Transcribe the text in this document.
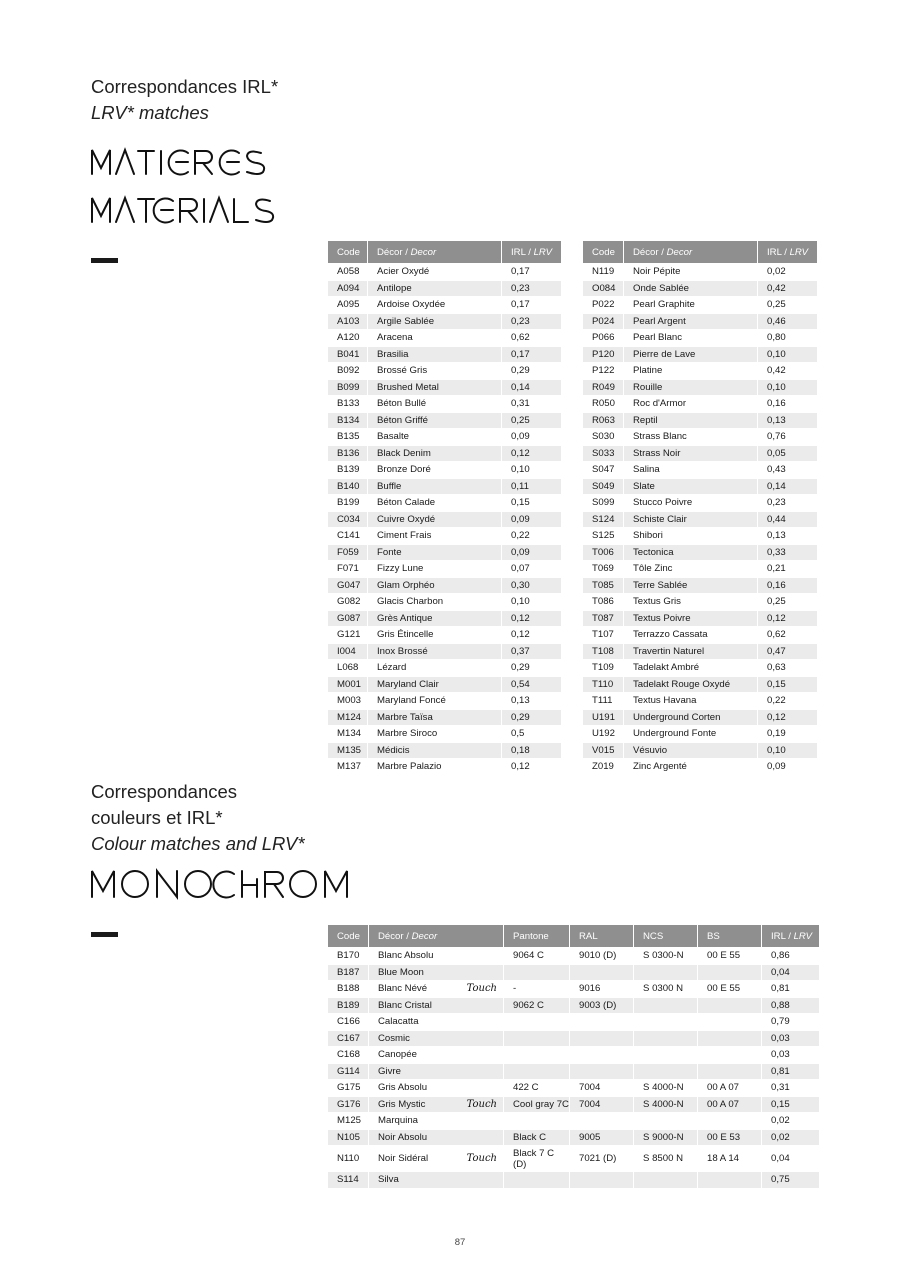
Correspondances IRL*
LRV* matches
Code	Décor / Decor	IRL / LRV
A058	Acier Oxydé	0,17
A094	Antilope	0,23
A095	Ardoise Oxydée	0,17
A103	Argile Sablée	0,23
A120	Aracena	0,62
B041	Brasilia	0,17
B092	Brossé Gris	0,29
B099	Brushed Metal	0,14
B133	Béton Bullé	0,31
B134	Béton Griffé	0,25
B135	Basalte	0,09
B136	Black Denim	0,12
B139	Bronze Doré	0,10
B140	Buffle	0,11
B199	Béton Calade	0,15
C034	Cuivre Oxydé	0,09
C141	Ciment Frais	0,22
F059	Fonte	0,09
F071	Fizzy Lune	0,07
G047	Glam Orphéo	0,30
G082	Glacis Charbon	0,10
G087	Grès Antique	0,12
G121	Gris Étincelle	0,12
I004	Inox Brossé	0,37
L068	Lézard	0,29
M001	Maryland Clair	0,54
M003	Maryland Foncé	0,13
M124	Marbre Taïsa	0,29
M134	Marbre Siroco	0,5
M135	Médicis	0,18
M137	Marbre Palazio	0,12
Code	Décor / Decor	IRL / LRV
N119	Noir Pépite	0,02
O084	Onde Sablée	0,42
P022	Pearl Graphite	0,25
P024	Pearl Argent	0,46
P066	Pearl Blanc	0,80
P120	Pierre de Lave	0,10
P122	Platine	0,42
R049	Rouille	0,10
R050	Roc d'Armor	0,16
R063	Reptil	0,13
S030	Strass Blanc	0,76
S033	Strass Noir	0,05
S047	Salina	0,43
S049	Slate	0,14
S099	Stucco Poivre	0,23
S124	Schiste Clair	0,44
S125	Shibori	0,13
T006	Tectonica	0,33
T069	Tôle Zinc	0,21
T085	Terre Sablée	0,16
T086	Textus Gris	0,25
T087	Textus Poivre	0,12
T107	Terrazzo Cassata	0,62
T108	Travertin Naturel	0,47
T109	Tadelakt Ambré	0,63
T110	Tadelakt Rouge Oxydé	0,15
T111	Textus Havana	0,22
U191	Underground Corten	0,12
U192	Underground Fonte	0,19
V015	Vésuvio	0,10
Z019	Zinc Argenté	0,09
Correspondances
couleurs et IRL*
Colour matches and LRV*
Code	Décor / Decor	Pantone	RAL	NCS	BS	IRL / LRV
B170	Blanc Absolu	9064 C	9010 (D)	S 0300-N	00 E 55	0,86
B187	Blue Moon					0,04
B188	Blanc Névé Touch	-	9016	S 0300 N	00 E 55	0,81
B189	Blanc Cristal	9062 C	9003 (D)			0,88
C166	Calacatta					0,79
C167	Cosmic					0,03
C168	Canopée					0,03
G114	Givre					0,81
G175	Gris Absolu	422 C	7004	S 4000-N	00 A 07	0,31
G176	Gris Mystic Touch	Cool gray 7C	7004	S 4000-N	00 A 07	0,15
M125	Marquina					0,02
N105	Noir Absolu	Black C	9005	S 9000-N	00 E 53	0,02
N110	Noir Sidéral Touch	Black 7 C (D)	7021 (D)	S 8500 N	18 A 14	0,04
S114	Silva					0,75
87
